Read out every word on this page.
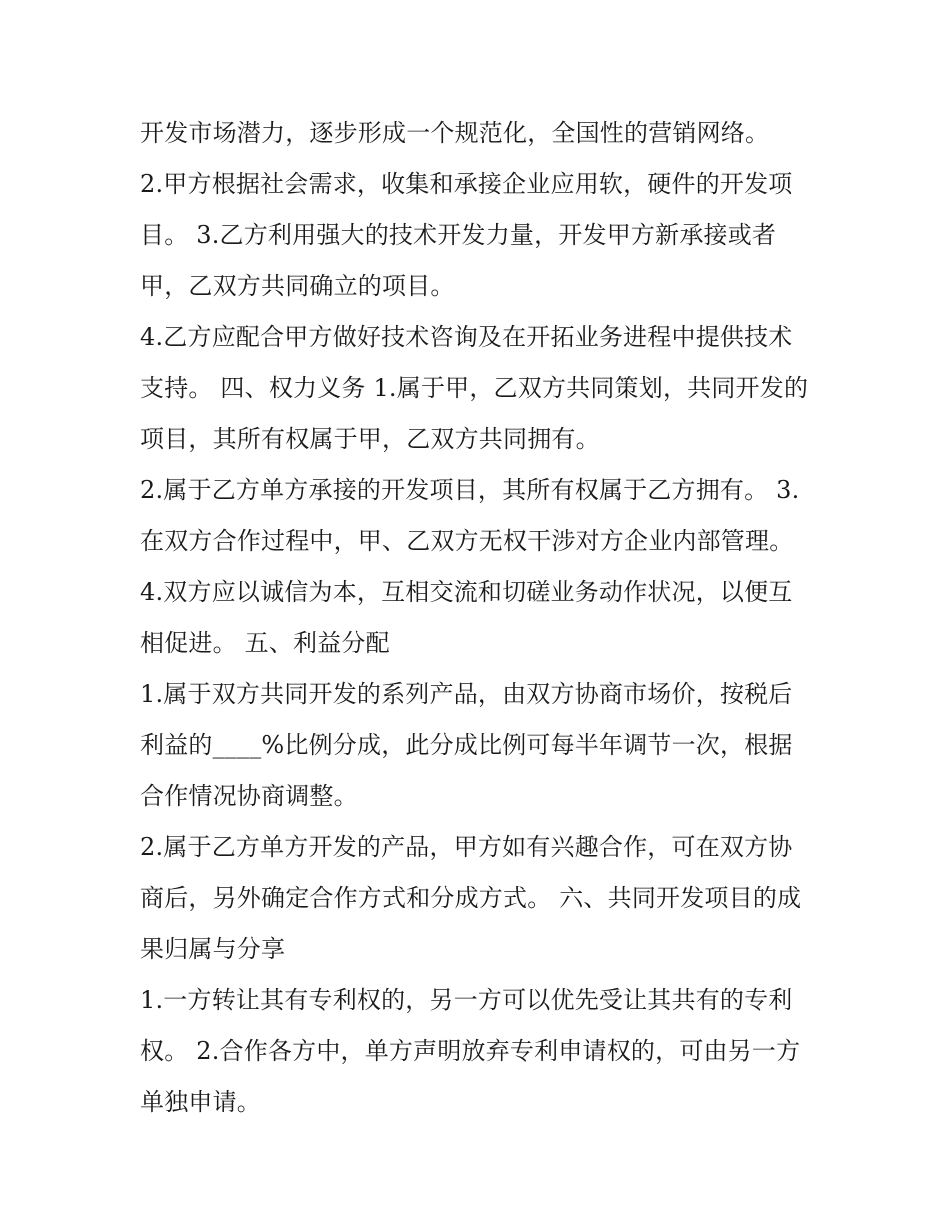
开发市场潜力，逐步形成一个规范化，全国性的营销网络。

2.甲方根据社会需求，收集和承接企业应用软，硬件的开发项目。 3.乙方利用强大的技术开发力量，开发甲方新承接或者甲，乙双方共同确立的项目。

4.乙方应配合甲方做好技术咨询及在开拓业务进程中提供技术支持。 四、权力义务 1.属于甲，乙双方共同策划，共同开发的项目，其所有权属于甲，乙双方共同拥有。

2.属于乙方单方承接的开发项目，其所有权属于乙方拥有。 3.在双方合作过程中，甲、乙双方无权干涉对方企业内部管理。

4.双方应以诚信为本，互相交流和切磋业务动作状况，以便互相促进。 五、利益分配

1.属于双方共同开发的系列产品，由双方协商市场价，按税后利益的____%比例分成，此分成比例可每半年调节一次，根据合作情况协商调整。

2.属于乙方单方开发的产品，甲方如有兴趣合作，可在双方协商后，另外确定合作方式和分成方式。 六、共同开发项目的成果归属与分享

1.一方转让其有专利权的，另一方可以优先受让其共有的专利权。 2.合作各方中，单方声明放弃专利申请权的，可由另一方单独申请。
